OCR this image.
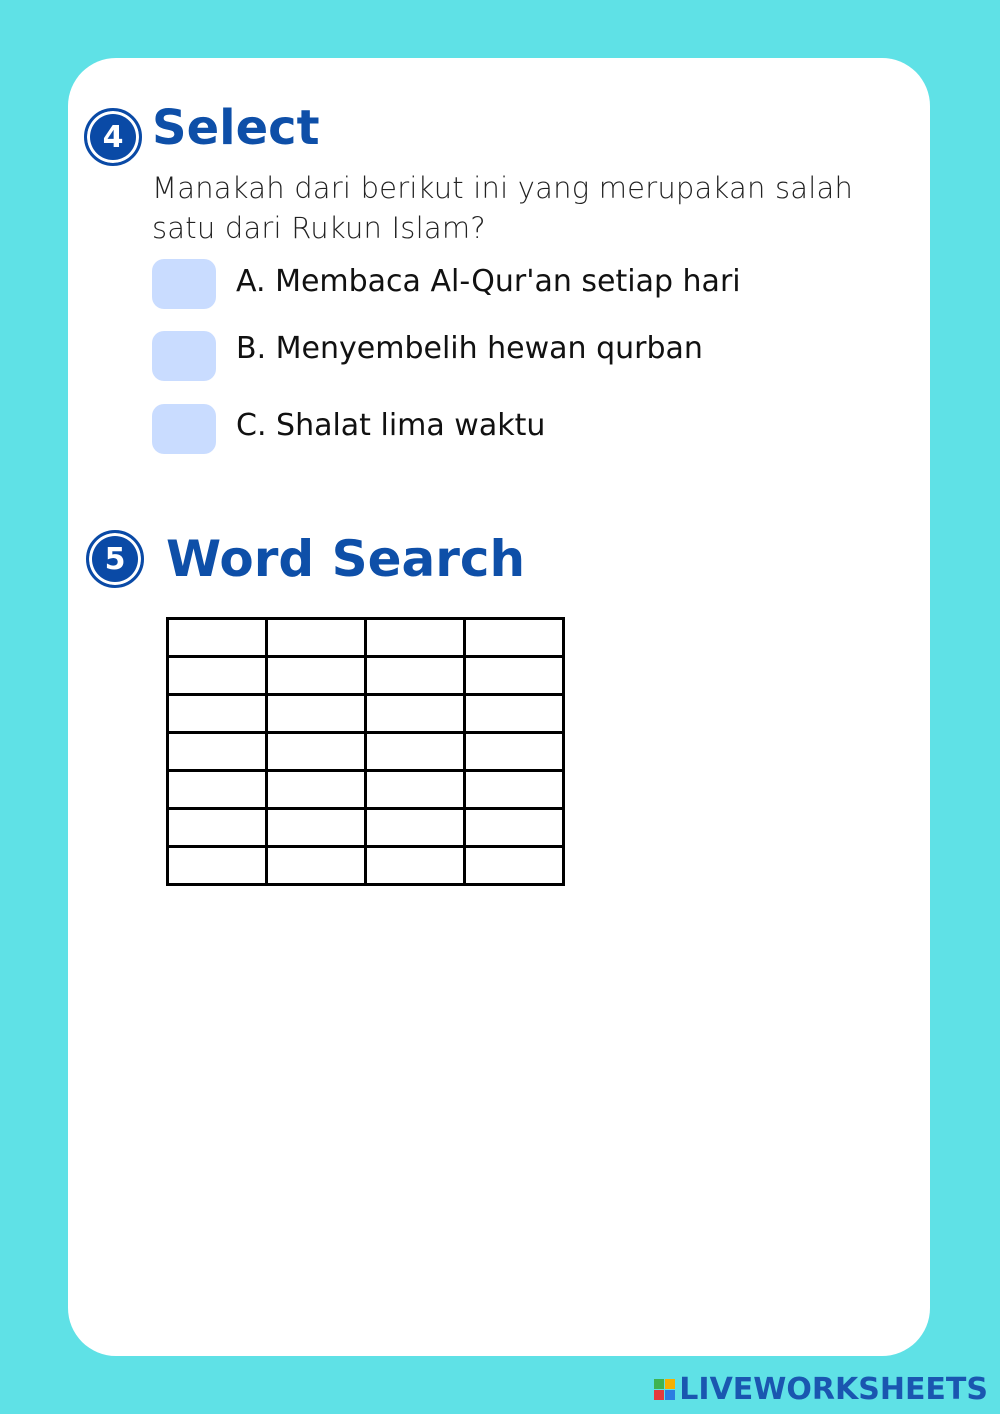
4 Select
Manakah dari berikut ini yang merupakan salah satu dari Rukun Islam?
A. Membaca Al-Qur'an setiap hari
B. Menyembelih hewan qurban
C. Shalat lima waktu
5 Word Search

LIVEWORKSHEETS
